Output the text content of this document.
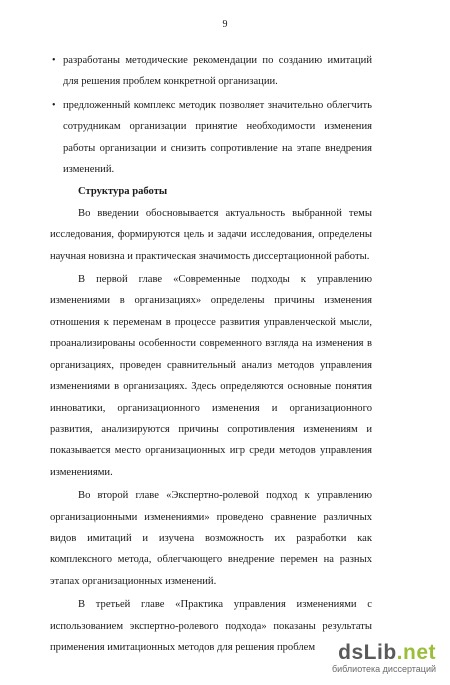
9
• разработаны методические рекомендации по созданию имитаций для решения проблем конкретной организации.
• предложенный комплекс методик позволяет значительно облегчить сотрудникам организации принятие необходимости изменения работы организации и снизить сопротивление на этапе внедрения изменений.
Структура работы

Во введении обосновывается актуальность выбранной темы исследования, формируются цель и задачи исследования, определены научная новизна и практическая значимость диссертационной работы.

В первой главе «Современные подходы к управлению изменениями в организациях» определены причины изменения отношения к переменам в процессе развития управленческой мысли, проанализированы особенности современного взгляда на изменения в организациях, проведен сравнительный анализ методов управления изменениями в организациях. Здесь определяются основные понятия инноватики, организационного изменения и организационного развития, анализируются причины сопротивления изменениям и показывается место организационных игр среди методов управления изменениями.

Во второй главе «Экспертно-ролевой подход к управлению организационными изменениями» проведено сравнение различных видов имитаций и изучена возможность их разработки как комплексного метода, облегчающего внедрение перемен на разных этапах организационных изменений.

В третьей главе «Практика управления изменениями с использованием экспертно-ролевого подхода» показаны результаты применения имитационных методов для решения проблем	dsLib.net
библиотека диссертаций
